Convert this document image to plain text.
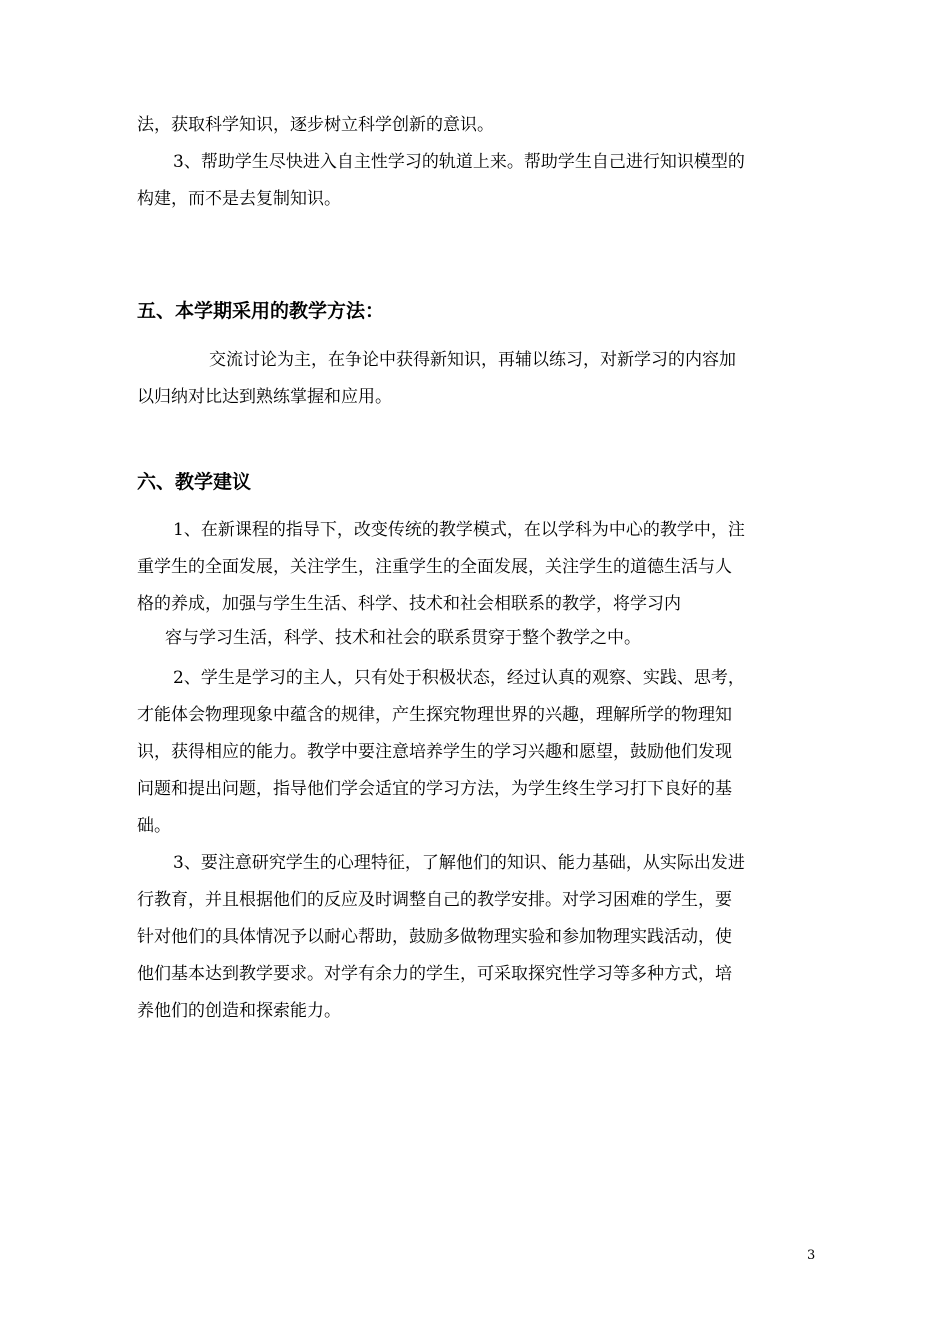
法，获取科学知识，逐步树立科学创新的意识。
3、帮助学生尽快进入自主性学习的轨道上来。帮助学生自己进行知识模型的
构建，而不是去复制知识。
五、本学期采用的教学方法：
交流讨论为主，在争论中获得新知识，再辅以练习，对新学习的内容加
以归纳对比达到熟练掌握和应用。
六、教学建议
1、在新课程的指导下，改变传统的教学模式，在以学科为中心的教学中，注
重学生的全面发展，关注学生，注重学生的全面发展，关注学生的道德生活与人
格的养成，加强与学生生活、科学、技术和社会相联系的教学，将学习内
容与学习生活，科学、技术和社会的联系贯穿于整个教学之中。
2、学生是学习的主人，只有处于积极状态，经过认真的观察、实践、思考，
才能体会物理现象中蕴含的规律，产生探究物理世界的兴趣，理解所学的物理知
识，获得相应的能力。教学中要注意培养学生的学习兴趣和愿望，鼓励他们发现
问题和提出问题，指导他们学会适宜的学习方法，为学生终生学习打下良好的基
础。
3、要注意研究学生的心理特征，了解他们的知识、能力基础，从实际出发进
行教育，并且根据他们的反应及时调整自己的教学安排。对学习困难的学生，要
针对他们的具体情况予以耐心帮助，鼓励多做物理实验和参加物理实践活动，使
他们基本达到教学要求。对学有余力的学生，可采取探究性学习等多种方式，培
养他们的创造和探索能力。
3
